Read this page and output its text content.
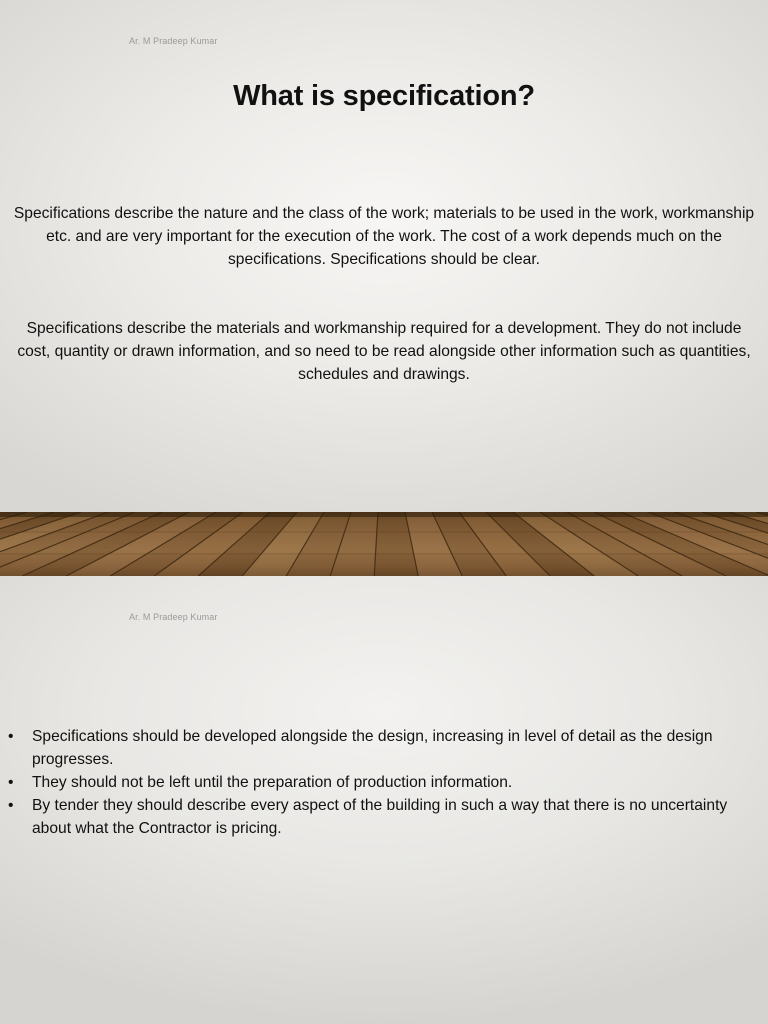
Ar. M Pradeep Kumar
What is specification?

Specifications describe the nature and the class of the work; materials to be used in the work, workmanship etc. and are very important for the execution of the work. The cost of a work depends much on the specifications. Specifications should be clear.

Specifications describe the materials and workmanship required for a development. They do not include cost, quantity or drawn information, and so need to be read alongside other information such as quantities, schedules and drawings.

Ar. M Pradeep Kumar
•	Specifications should be developed alongside the design, increasing in level of detail as the design progresses.
•	They should not be left until the preparation of production information.
•	By tender they should describe every aspect of the building in such a way that there is no uncertainty about what the Contractor is pricing.
